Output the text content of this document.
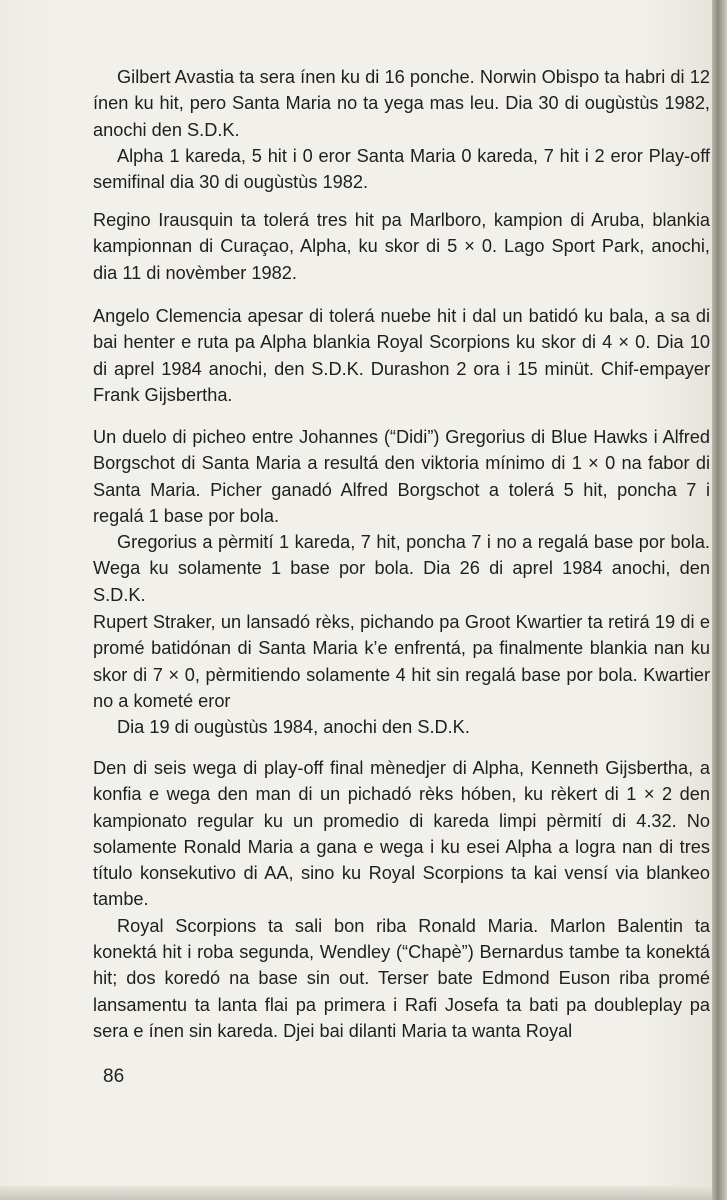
Gilbert Avastia ta sera ínen ku di 16 ponche. Norwin Obispo ta habri di 12 ínen ku hit, pero Santa Maria no ta yega mas leu. Dia 30 di ougùstùs 1982, anochi den S.D.K.

Alpha 1 kareda, 5 hit i 0 eror Santa Maria 0 kareda, 7 hit i 2 eror Play-off semifinal dia 30 di ougùstùs 1982.

Regino Irausquin ta tolerá tres hit pa Marlboro, kampion di Aruba, blankia kampionnan di Curaçao, Alpha, ku skor di 5 × 0. Lago Sport Park, anochi, dia 11 di novèmber 1982.

Angelo Clemencia apesar di tolerá nuebe hit i dal un batidó ku bala, a sa di bai henter e ruta pa Alpha blankia Royal Scorpions ku skor di 4 × 0. Dia 10 di aprel 1984 anochi, den S.D.K. Durashon 2 ora i 15 minüt. Chif-empayer Frank Gijsbertha.

Un duelo di picheo entre Johannes (“Didi”) Gregorius di Blue Hawks i Alfred Borgschot di Santa Maria a resultá den viktoria mínimo di 1 × 0 na fabor di Santa Maria. Picher ganadó Alfred Borgschot a tolerá 5 hit, poncha 7 i regalá 1 base por bola.

Gregorius a pèrmití 1 kareda, 7 hit, poncha 7 i no a regalá base por bola. Wega ku solamente 1 base por bola. Dia 26 di aprel 1984 anochi, den S.D.K.

Rupert Straker, un lansadó rèks, pichando pa Groot Kwartier ta retirá 19 di e promé batidónan di Santa Maria k’e enfrentá, pa finalmente blankia nan ku skor di 7 × 0, pèrmitiendo solamente 4 hit sin regalá base por bola. Kwartier no a kometé eror

Dia 19 di ougùstùs 1984, anochi den S.D.K.

Den di seis wega di play-off final mènedjer di Alpha, Kenneth Gijsbertha, a konfia e wega den man di un pichadó rèks hóben, ku rèkert di 1 × 2 den kampionato regular ku un promedio di kareda limpi pèrmití di 4.32. No solamente Ronald Maria a gana e wega i ku esei Alpha a logra nan di tres título konsekutivo di AA, sino ku Royal Scorpions ta kai vensí via blankeo tambe.

Royal Scorpions ta sali bon riba Ronald Maria. Marlon Balentin ta konektá hit i roba segunda, Wendley (“Chapè”) Bernardus tambe ta konektá hit; dos koredó na base sin out. Terser bate Edmond Euson riba promé lansamentu ta lanta flai pa primera i Rafi Josefa ta bati pa doubleplay pa sera e ínen sin kareda. Djei bai dilanti Maria ta wanta Royal

86
